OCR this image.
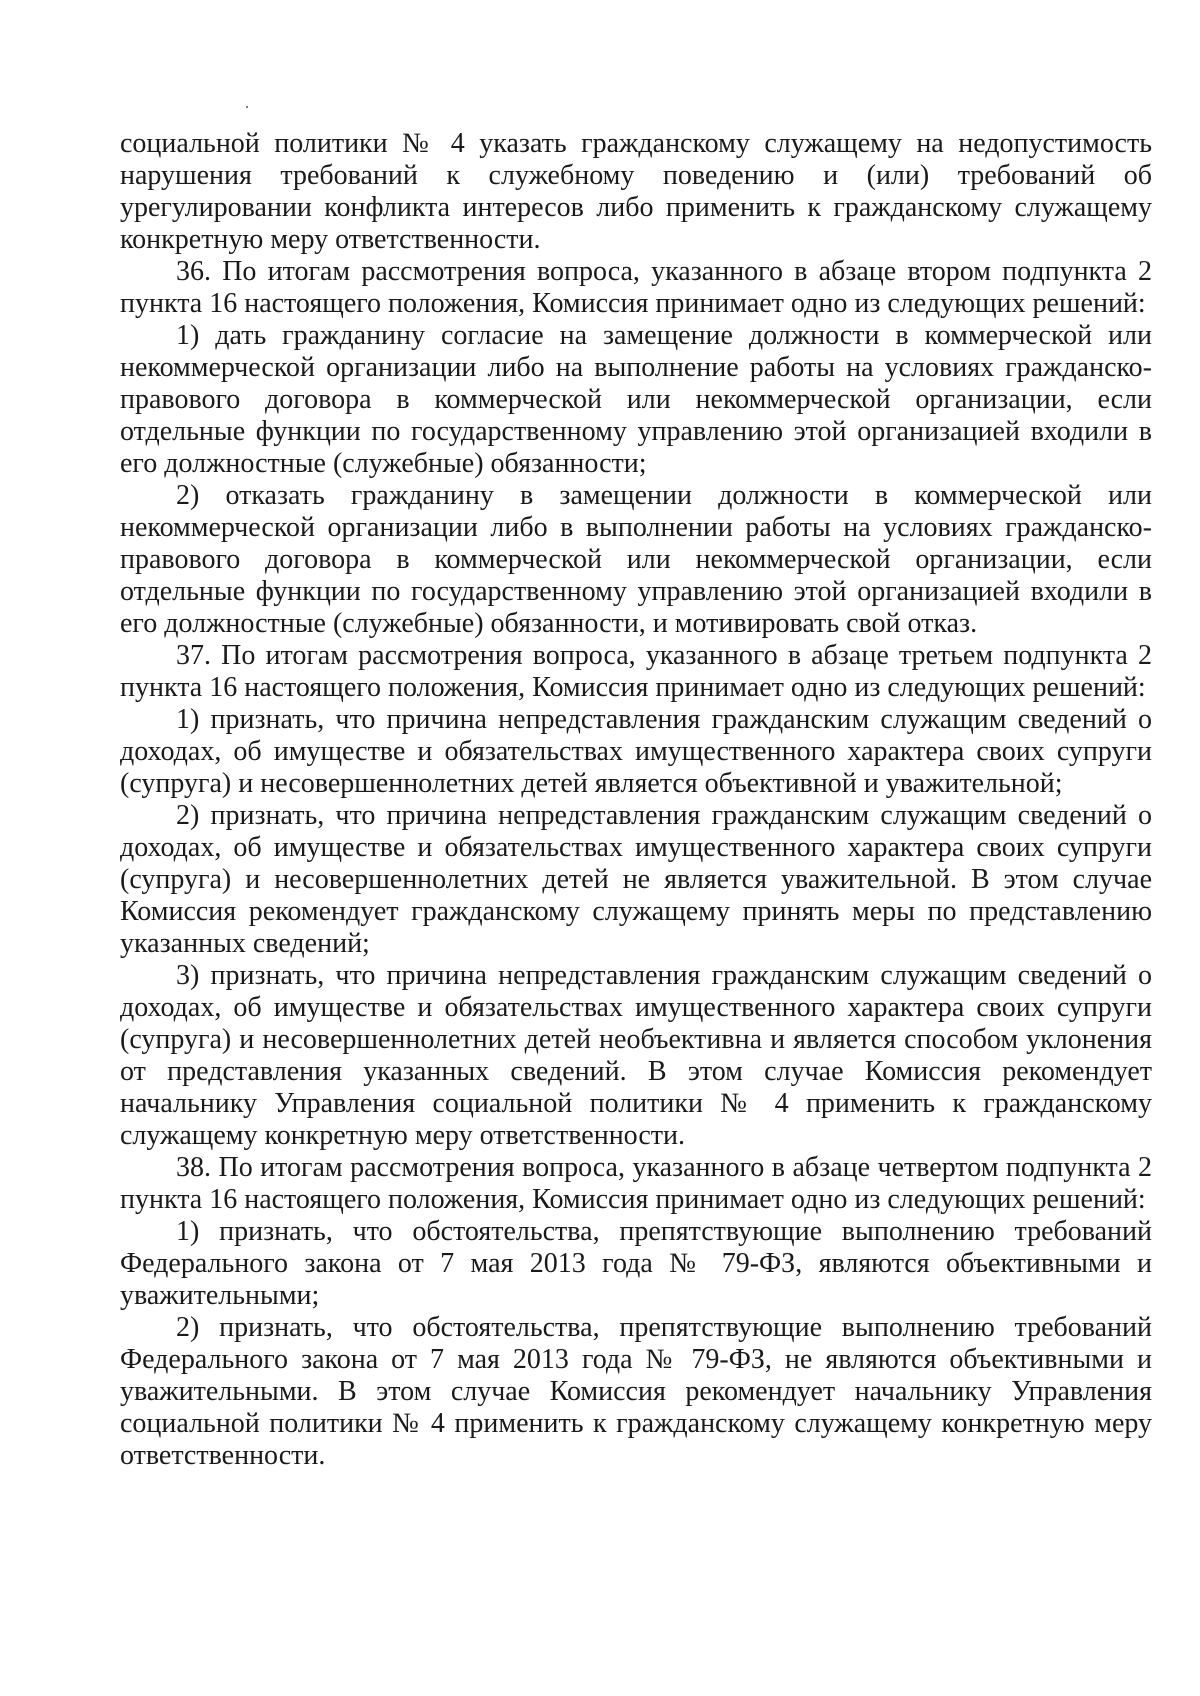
социальной политики № 4 указать гражданскому служащему на недопустимость нарушения требований к служебному поведению и (или) требований об урегулировании конфликта интересов либо применить к гражданскому служащему конкретную меру ответственности.

36. По итогам рассмотрения вопроса, указанного в абзаце втором подпункта 2 пункта 16 настоящего положения, Комиссия принимает одно из следующих решений:

1) дать гражданину согласие на замещение должности в коммерческой или некоммерческой организации либо на выполнение работы на условиях гражданско-правового договора в коммерческой или некоммерческой организации, если отдельные функции по государственному управлению этой организацией входили в его должностные (служебные) обязанности;

2) отказать гражданину в замещении должности в коммерческой или некоммерческой организации либо в выполнении работы на условиях гражданско-правового договора в коммерческой или некоммерческой организации, если отдельные функции по государственному управлению этой организацией входили в его должностные (служебные) обязанности, и мотивировать свой отказ.

37. По итогам рассмотрения вопроса, указанного в абзаце третьем подпункта 2 пункта 16 настоящего положения, Комиссия принимает одно из следующих решений:

1) признать, что причина непредставления гражданским служащим сведений о доходах, об имуществе и обязательствах имущественного характера своих супруги (супруга) и несовершеннолетних детей является объективной и уважительной;

2) признать, что причина непредставления гражданским служащим сведений о доходах, об имуществе и обязательствах имущественного характера своих супруги (супруга) и несовершеннолетних детей не является уважительной. В этом случае Комиссия рекомендует гражданскому служащему принять меры по представлению указанных сведений;

3) признать, что причина непредставления гражданским служащим сведений о доходах, об имуществе и обязательствах имущественного характера своих супруги (супруга) и несовершеннолетних детей необъективна и является способом уклонения от представления указанных сведений. В этом случае Комиссия рекомендует начальнику Управления социальной политики № 4 применить к гражданскому служащему конкретную меру ответственности.

38. По итогам рассмотрения вопроса, указанного в абзаце четвертом подпункта 2 пункта 16 настоящего положения, Комиссия принимает одно из следующих решений:

1) признать, что обстоятельства, препятствующие выполнению требований Федерального закона от 7 мая 2013 года № 79-ФЗ, являются объективными и уважительными;

2) признать, что обстоятельства, препятствующие выполнению требований Федерального закона от 7 мая 2013 года № 79-ФЗ, не являются объективными и уважительными. В этом случае Комиссия рекомендует начальнику Управления социальной политики № 4 применить к гражданскому служащему конкретную меру ответственности.
